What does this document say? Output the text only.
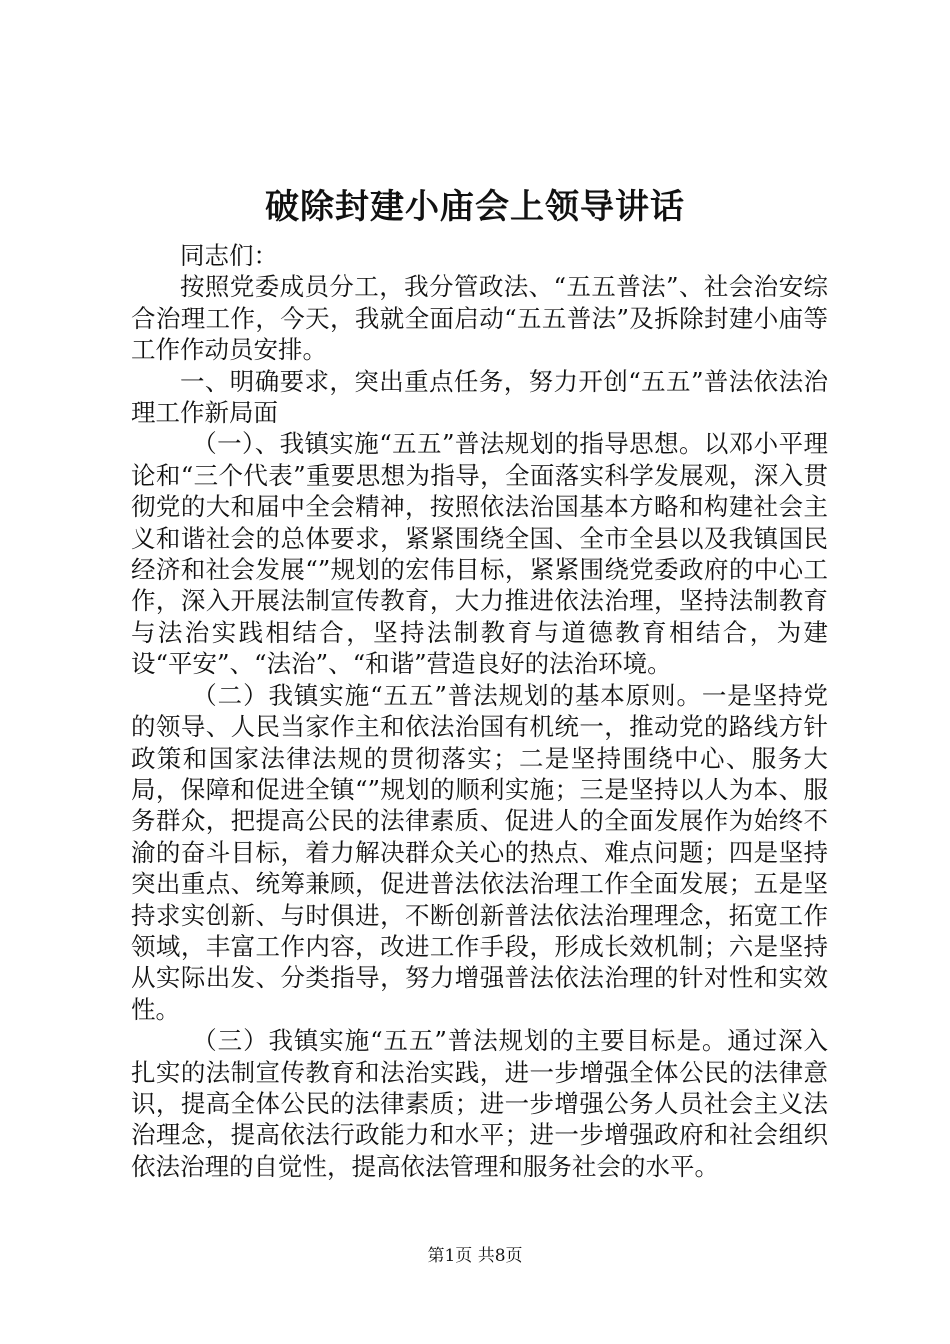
破除封建小庙会上领导讲话

同志们：

按照党委成员分工，我分管政法、“五五普法”、社会治安综合治理工作，今天，我就全面启动“五五普法”及拆除封建小庙等工作作动员安排。

一、明确要求，突出重点任务，努力开创“五五”普法依法治理工作新局面

（一）、我镇实施“五五”普法规划的指导思想。以邓小平理论和“三个代表”重要思想为指导，全面落实科学发展观，深入贯彻党的大和届中全会精神，按照依法治国基本方略和构建社会主义和谐社会的总体要求，紧紧围绕全国、全市全县以及我镇国民经济和社会发展“”规划的宏伟目标，紧紧围绕党委政府的中心工作，深入开展法制宣传教育，大力推进依法治理，坚持法制教育与法治实践相结合，坚持法制教育与道德教育相结合，为建设“平安”、“法治”、“和谐”营造良好的法治环境。

（二）我镇实施“五五”普法规划的基本原则。一是坚持党的领导、人民当家作主和依法治国有机统一，推动党的路线方针政策和国家法律法规的贯彻落实；二是坚持围绕中心、服务大局，保障和促进全镇“”规划的顺利实施；三是坚持以人为本、服务群众，把提高公民的法律素质、促进人的全面发展作为始终不渝的奋斗目标，着力解决群众关心的热点、难点问题；四是坚持突出重点、统筹兼顾，促进普法依法治理工作全面发展；五是坚持求实创新、与时俱进，不断创新普法依法治理理念，拓宽工作领域，丰富工作内容，改进工作手段，形成长效机制；六是坚持从实际出发、分类指导，努力增强普法依法治理的针对性和实效性。

（三）我镇实施“五五”普法规划的主要目标是。通过深入扎实的法制宣传教育和法治实践，进一步增强全体公民的法律意识，提高全体公民的法律素质；进一步增强公务人员社会主义法治理念，提高依法行政能力和水平；进一步增强政府和社会组织依法治理的自觉性，提高依法管理和服务社会的水平。

第1页 共8页
